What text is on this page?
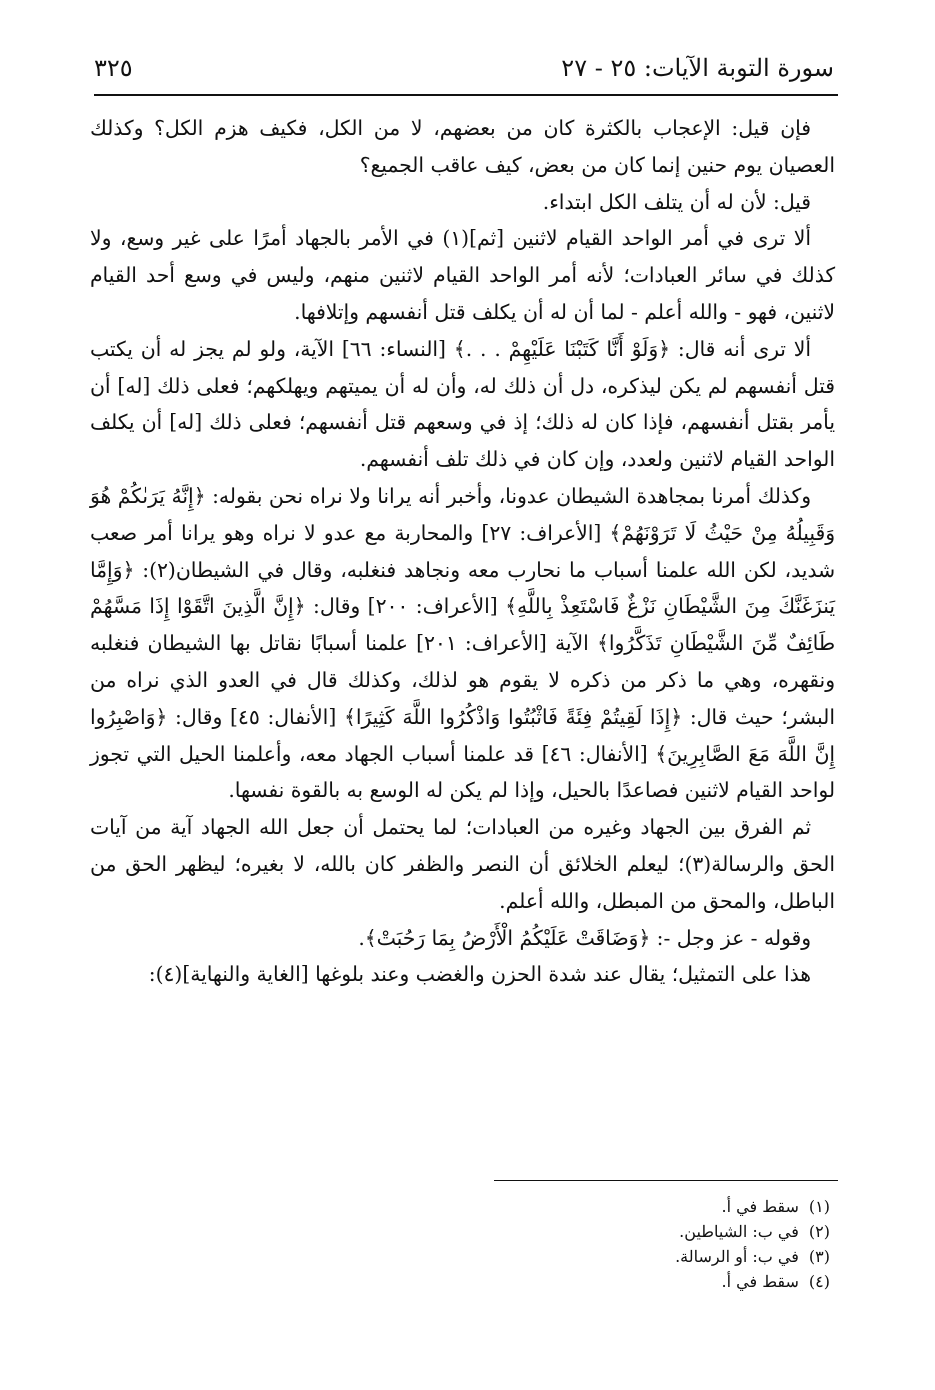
سورة التوبة الآيات: ٢٥ - ٢٧
٣٢٥

فإن قيل: الإعجاب بالكثرة كان من بعضهم، لا من الكل، فكيف هزم الكل؟ وكذلك العصيان يوم حنين إنما كان من بعض، كيف عاقب الجميع؟

قيل: لأن له أن يتلف الكل ابتداء.

ألا ترى في أمر الواحد القيام لاثنين [ثم](١) في الأمر بالجهاد أمرًا على غير وسع، ولا كذلك في سائر العبادات؛ لأنه أمر الواحد القيام لاثنين منهم، وليس في وسع أحد القيام لاثنين، فهو - والله أعلم - لما أن له أن يكلف قتل أنفسهم وإتلافها.

ألا ترى أنه قال: ﴿وَلَوْ أَنَّا كَتَبْنَا عَلَيْهِمْ . . .﴾ [النساء: ٦٦] الآية، ولو لم يجز له أن يكتب قتل أنفسهم لم يكن ليذكره، دل أن ذلك له، وأن له أن يميتهم ويهلكهم؛ فعلى ذلك [له] أن يأمر بقتل أنفسهم، فإذا كان له ذلك؛ إذ في وسعهم قتل أنفسهم؛ فعلى ذلك [له] أن يكلف الواحد القيام لاثنين ولعدد، وإن كان في ذلك تلف أنفسهم.

وكذلك أمرنا بمجاهدة الشيطان عدونا، وأخبر أنه يرانا ولا نراه نحن بقوله: ﴿إِنَّهُ يَرَىٰكُمْ هُوَ وَقَبِيلُهُ مِنْ حَيْثُ لَا تَرَوْنَهُمْ﴾ [الأعراف: ٢٧] والمحاربة مع عدو لا نراه وهو يرانا أمر صعب شديد، لكن الله علمنا أسباب ما نحارب معه ونجاهد فنغلبه، وقال في الشيطان(٢): ﴿وَإِمَّا يَنزَغَنَّكَ مِنَ الشَّيْطَانِ نَزْغٌ فَاسْتَعِذْ بِاللَّهِ﴾ [الأعراف: ٢٠٠] وقال: ﴿إِنَّ الَّذِينَ اتَّقَوْا إِذَا مَسَّهُمْ طَائِفٌ مِّنَ الشَّيْطَانِ تَذَكَّرُوا﴾ الآية [الأعراف: ٢٠١] علمنا أسبابًا نقاتل بها الشيطان فنغلبه ونقهره، وهي ما ذكر من ذكره لا يقوم هو لذلك، وكذلك قال في العدو الذي نراه من البشر؛ حيث قال: ﴿إِذَا لَقِيتُمْ فِئَةً فَاثْبُتُوا وَاذْكُرُوا اللَّهَ كَثِيرًا﴾ [الأنفال: ٤٥] وقال: ﴿وَاصْبِرُوا إِنَّ اللَّهَ مَعَ الصَّابِرِينَ﴾ [الأنفال: ٤٦] قد علمنا أسباب الجهاد معه، وأعلمنا الحيل التي تجوز لواحد القيام لاثنين فصاعدًا بالحيل، وإذا لم يكن له الوسع به بالقوة نفسها.

ثم الفرق بين الجهاد وغيره من العبادات؛ لما يحتمل أن جعل الله الجهاد آية من آيات الحق والرسالة(٣)؛ ليعلم الخلائق أن النصر والظفر كان بالله، لا بغيره؛ ليظهر الحق من الباطل، والمحق من المبطل، والله أعلم.

وقوله - عز وجل -: ﴿وَضَاقَتْ عَلَيْكُمُ الْأَرْضُ بِمَا رَحُبَتْ﴾.

هذا على التمثيل؛ يقال عند شدة الحزن والغضب وعند بلوغها [الغاية والنهاية](٤):

(١)
سقط في أ.
(٢)
في ب: الشياطين.
(٣)
في ب: أو الرسالة.
(٤)
سقط في أ.
